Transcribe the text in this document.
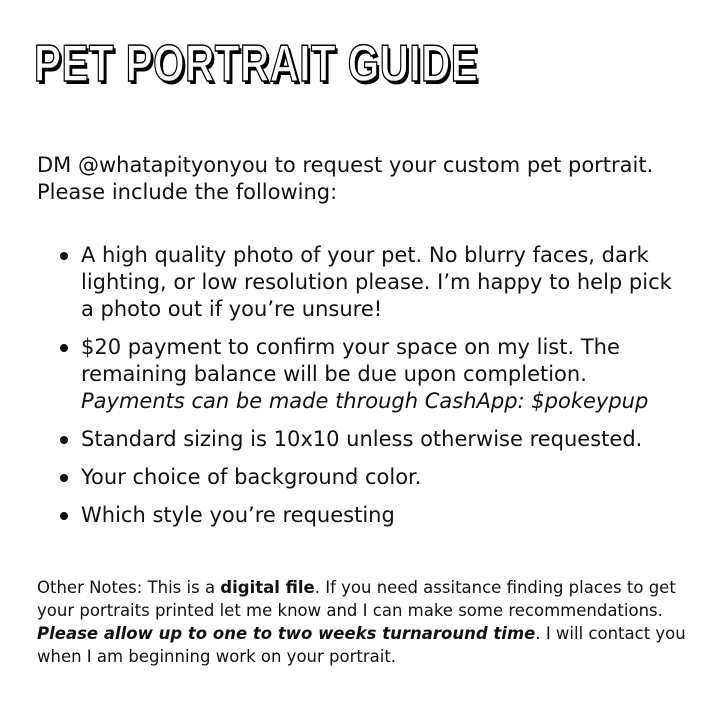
PET PORTRAIT GUIDE

DM @whatapityonyou to request your custom pet portrait.

Please include the following:

A high quality photo of your pet. No blurry faces, dark lighting, or low resolution please. I’m happy to help pick a photo out if you’re unsure!
$20 payment to confirm your space on my list. The remaining balance will be due upon completion.
Payments can be made through CashApp: $pokeypup
Standard sizing is 10x10 unless otherwise requested.
Your choice of background color.
Which style you’re requesting

Other Notes: This is a digital file. If you need assitance finding places to get your portraits printed let me know and I can make some recommendations. Please allow up to one to two weeks turnaround time. I will contact you when I am beginning work on your portrait.
